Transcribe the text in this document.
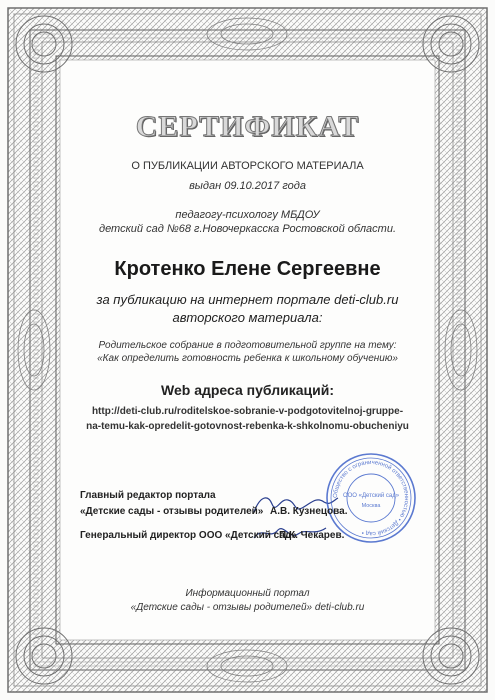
СЕРТИФИКАТ
О ПУБЛИКАЦИИ АВТОРСКОГО МАТЕРИАЛА
выдан 09.10.2017 года
педагогу-психологу МБДОУ
детский сад №68 г.Новочеркасска Ростовской области.
Кротенко Елене Сергеевне
за публикацию на интернет портале deti-club.ru
авторского материала:
Родительское собрание в подготовительной группе на тему:
«Как определить готовность ребенка к школьному обучению»
Web адреса публикаций:
http://deti-club.ru/roditelskoe-sobranie-v-podgotovitelnoj-gruppe-
na-temu-kak-opredelit-gotovnost-rebenka-k-shkolnomu-obucheniyu
Общество с ограниченной ответственностью • Детский сад •
ООО «Детский сад»
Москва
Главный редактор портала
«Детские сады - отзывы родителей» А.В. Кузнецова.
Генеральный директор ООО «Детский сад»
П.К. Чекарев.
Информационный портал
«Детские сады - отзывы родителей» deti-club.ru
